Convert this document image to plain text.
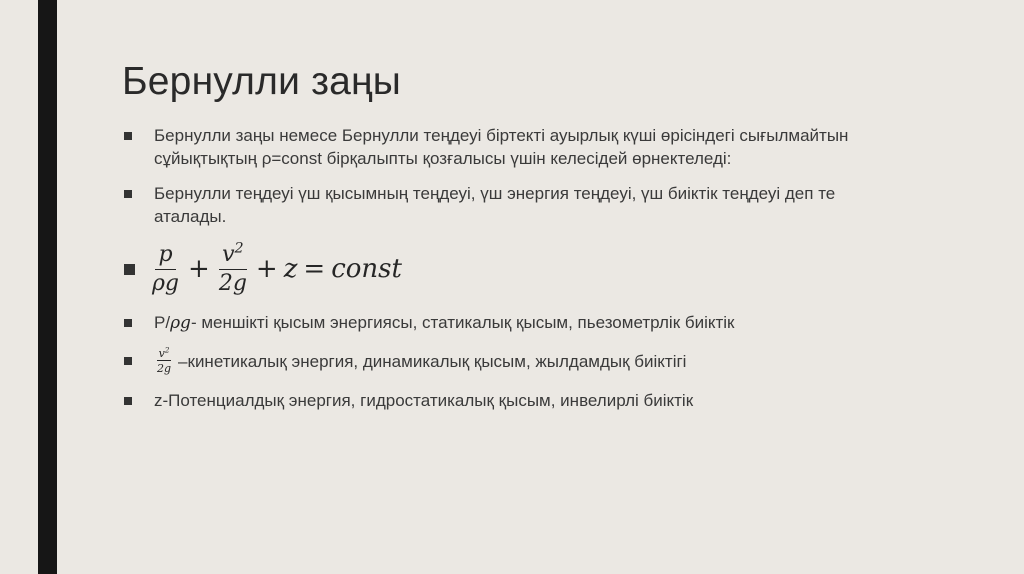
Бернулли заңы
Бернулли заңы немесе Бернулли теңдеуі біртекті ауырлық күші өрісіндегі сығылмайтын сұйықтықтың ρ=const бірқалыпты қозғалысы үшін келесідей өрнектеледі:
Бернулли теңдеуі үш қысымның теңдеуі, үш энергия теңдеуі, үш биіктік теңдеуі деп те аталады.
$\frac{p}{\rho g} + \frac{v^2}{2g} + z$ = const
P/ρg- меншікті қысым энергиясы, статикалық қысым, пьезометрлік биіктік
$\frac{v^2}{2g}$ –кинетикалық энергия, динамикалық қысым, жылдамдық биіктігі
z-Потенциалдық энергия, гидростатикалық қысым, инвелирлі биіктік
